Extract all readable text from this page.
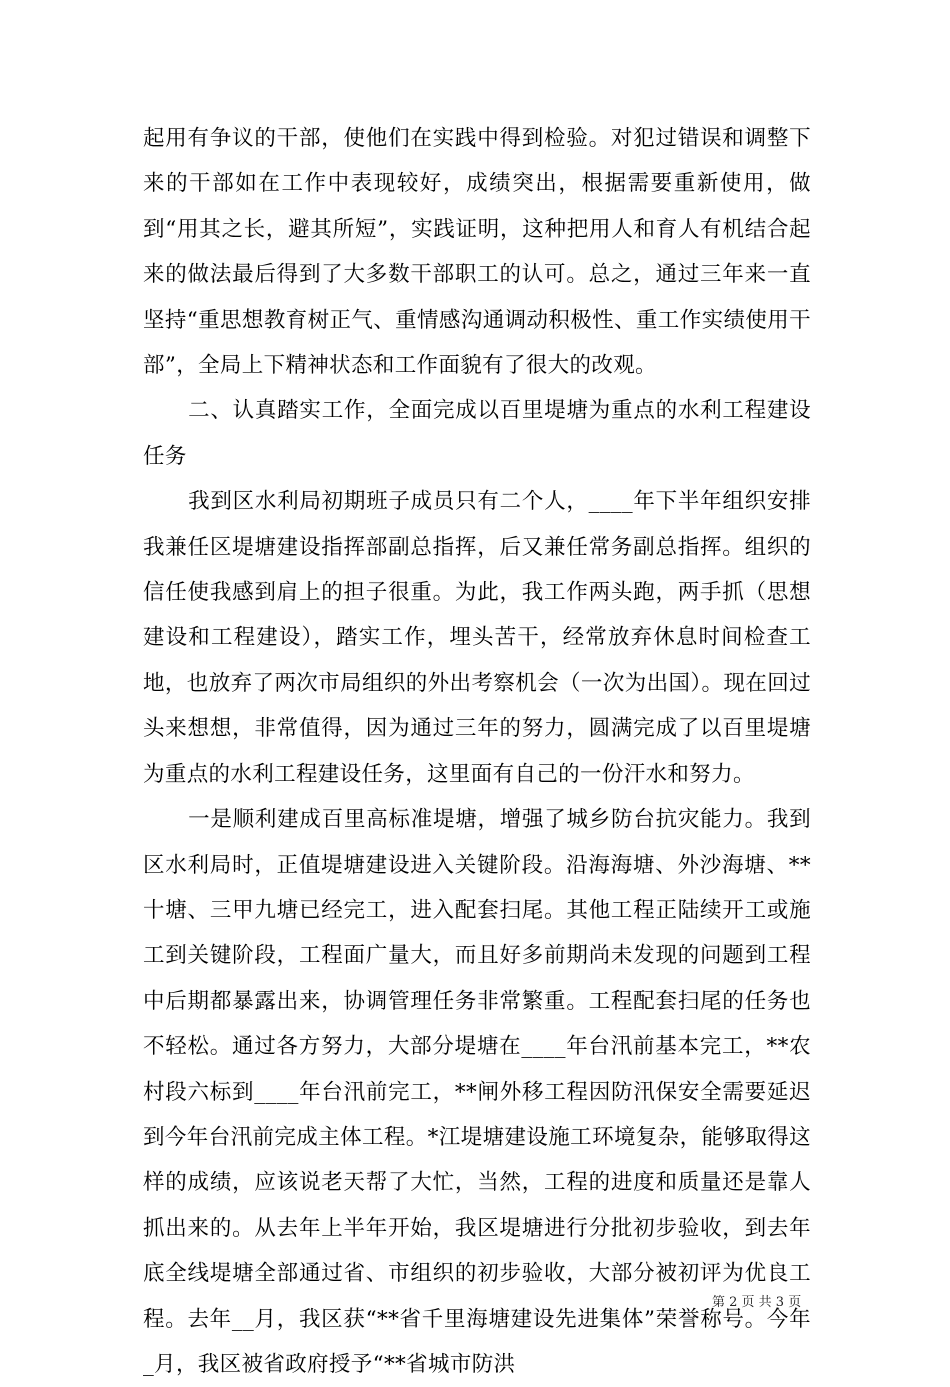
起用有争议的干部，使他们在实践中得到检验。对犯过错误和调整下来的干部如在工作中表现较好，成绩突出，根据需要重新使用，做到“用其之长，避其所短”，实践证明，这种把用人和育人有机结合起来的做法最后得到了大多数干部职工的认可。总之，通过三年来一直坚持“重思想教育树正气、重情感沟通调动积极性、重工作实绩使用干部”，全局上下精神状态和工作面貌有了很大的改观。

二、认真踏实工作，全面完成以百里堤塘为重点的水利工程建设任务

我到区水利局初期班子成员只有二个人，____年下半年组织安排我兼任区堤塘建设指挥部副总指挥，后又兼任常务副总指挥。组织的信任使我感到肩上的担子很重。为此，我工作两头跑，两手抓（思想建设和工程建设），踏实工作，埋头苦干，经常放弃休息时间检查工地，也放弃了两次市局组织的外出考察机会（一次为出国）。现在回过头来想想，非常值得，因为通过三年的努力，圆满完成了以百里堤塘为重点的水利工程建设任务，这里面有自己的一份汗水和努力。

一是顺利建成百里高标准堤塘，增强了城乡防台抗灾能力。我到区水利局时，正值堤塘建设进入关键阶段。沿海海塘、外沙海塘、**十塘、三甲九塘已经完工，进入配套扫尾。其他工程正陆续开工或施工到关键阶段，工程面广量大，而且好多前期尚未发现的问题到工程中后期都暴露出来，协调管理任务非常繁重。工程配套扫尾的任务也不轻松。通过各方努力，大部分堤塘在____年台汛前基本完工，**农村段六标到____年台汛前完工，**闸外移工程因防汛保安全需要延迟到今年台汛前完成主体工程。*江堤塘建设施工环境复杂，能够取得这样的成绩，应该说老天帮了大忙，当然，工程的进度和质量还是靠人抓出来的。从去年上半年开始，我区堤塘进行分批初步验收，到去年底全线堤塘全部通过省、市组织的初步验收，大部分被初评为优良工程。去年__月，我区获“**省千里海塘建设先进集体”荣誉称号。今年_月，我区被省政府授予“**省城市防洪

第 2 页 共 3 页
